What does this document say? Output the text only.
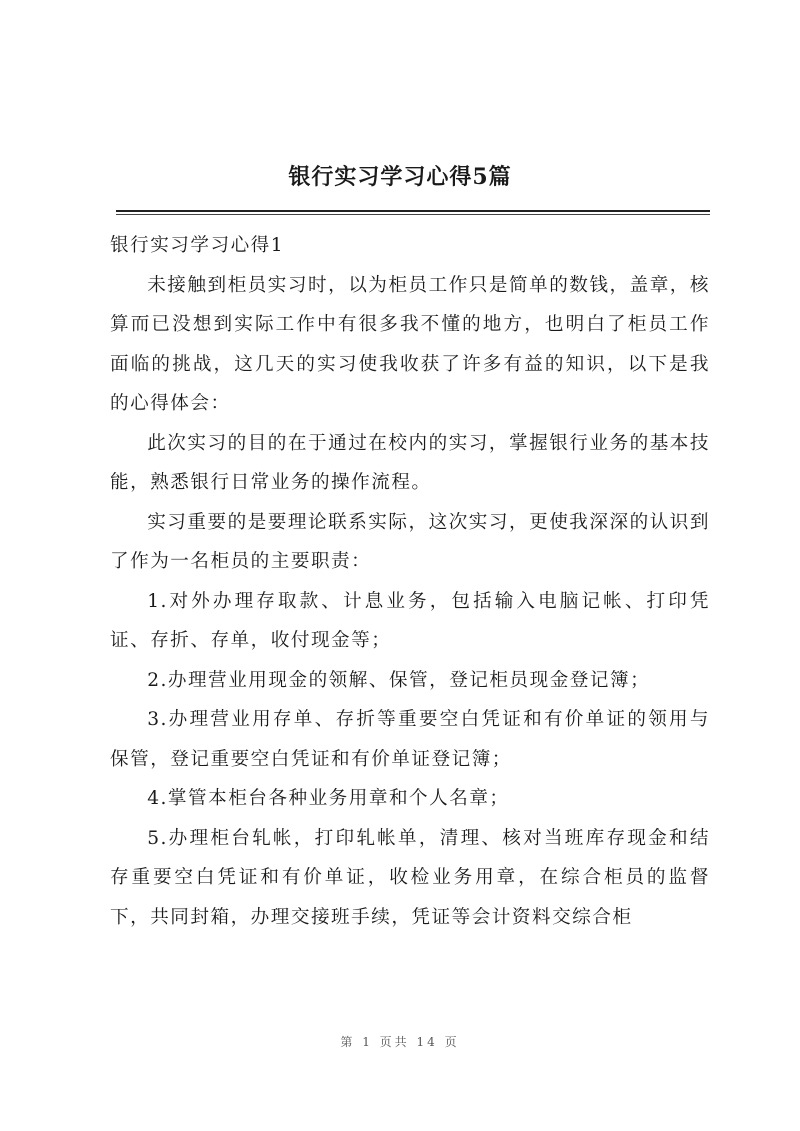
银行实习学习心得5篇

银行实习学习心得1

未接触到柜员实习时，以为柜员工作只是简单的数钱，盖章，核算而已没想到实际工作中有很多我不懂的地方，也明白了柜员工作面临的挑战，这几天的实习使我收获了许多有益的知识，以下是我的心得体会：

此次实习的目的在于通过在校内的实习，掌握银行业务的基本技能，熟悉银行日常业务的操作流程。

实习重要的是要理论联系实际，这次实习，更使我深深的认识到了作为一名柜员的主要职责：

1.对外办理存取款、计息业务，包括输入电脑记帐、打印凭证、存折、存单，收付现金等；

2.办理营业用现金的领解、保管，登记柜员现金登记簿；

3.办理营业用存单、存折等重要空白凭证和有价单证的领用与保管，登记重要空白凭证和有价单证登记簿；

4.掌管本柜台各种业务用章和个人名章；

5.办理柜台轧帐，打印轧帐单，清理、核对当班库存现金和结存重要空白凭证和有价单证，收检业务用章，在综合柜员的监督下，共同封箱，办理交接班手续，凭证等会计资料交综合柜

第 1 页共 14 页
